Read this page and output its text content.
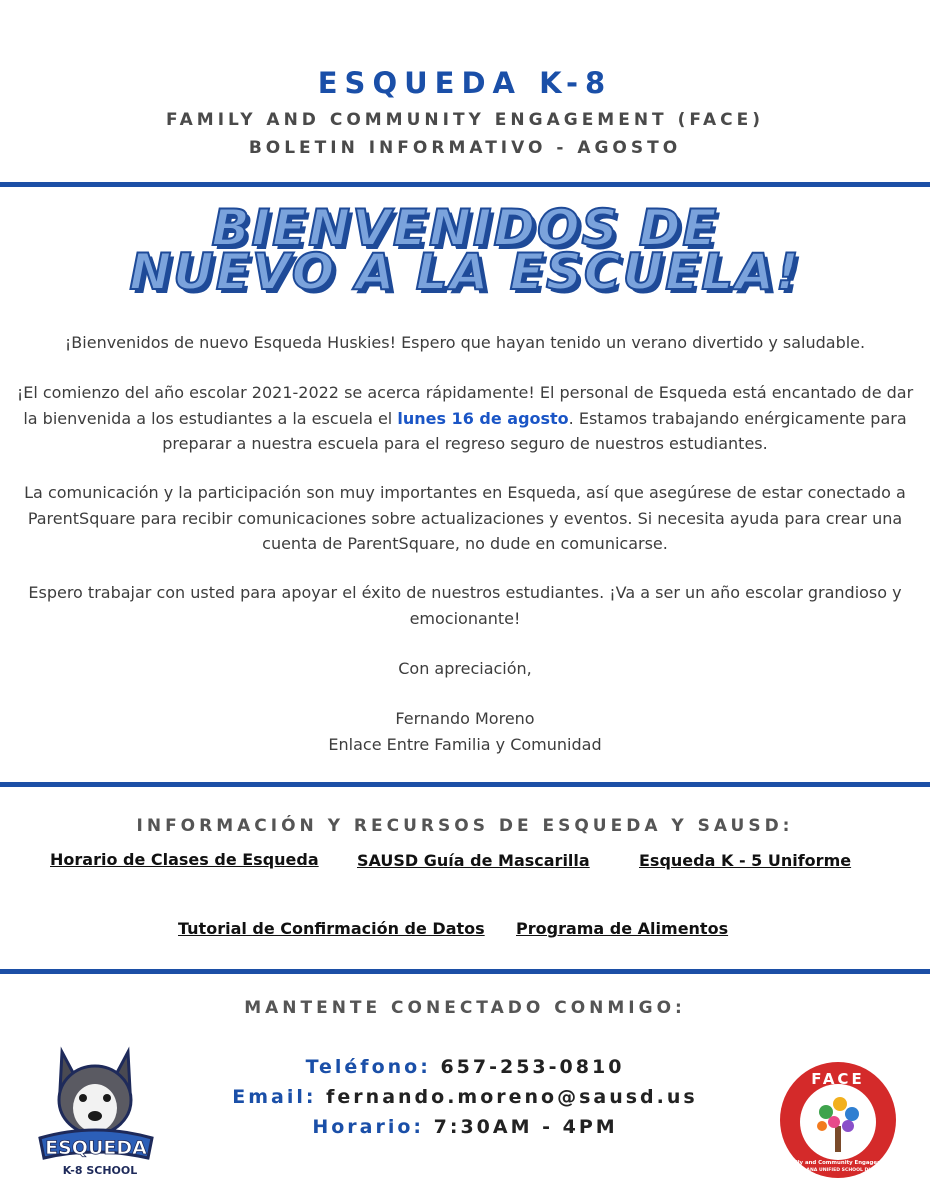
ESQUEDA K-8
FAMILY AND COMMUNITY ENGAGEMENT (FACE)
BOLETIN INFORMATIVO - AGOSTO
BIENVENIDOS DE
NUEVO A LA ESCUELA!
¡Bienvenidos de nuevo Esqueda Huskies! Espero que hayan tenido un verano divertido y saludable.
¡El comienzo del año escolar 2021-2022 se acerca rápidamente! El personal de Esqueda está encantado de dar la bienvenida a los estudiantes a la escuela el lunes 16 de agosto. Estamos trabajando enérgicamente para preparar a nuestra escuela para el regreso seguro de nuestros estudiantes.
La comunicación y la participación son muy importantes en Esqueda, así que asegúrese de estar conectado a ParentSquare para recibir comunicaciones sobre actualizaciones y eventos. Si necesita ayuda para crear una cuenta de ParentSquare, no dude en comunicarse.
Espero trabajar con usted para apoyar el éxito de nuestros estudiantes. ¡Va a ser un año escolar grandioso y emocionante!
Con apreciación,
Fernando Moreno
Enlace Entre Familia y Comunidad
INFORMACIÓN Y RECURSOS DE ESQUEDA Y SAUSD:
Horario de Clases de Esqueda SAUSD Guía de Mascarilla	Esqueda K - 5 Uniforme
Tutorial de Confirmación de Datos Programa de Alimentos
MANTENTE CONECTADO CONMIGO:
Teléfono: 657-253-0810
Email: fernando.moreno@sausd.us
Horario: 7:30AM - 4PM
ESQUEDA
K-8 SCHOOL
FACE
Family and Community Engagement
SANTA ANA UNIFIED SCHOOL DISTRICT
